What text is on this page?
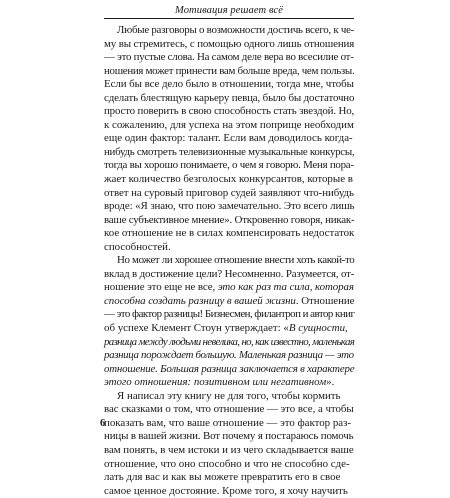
Мотивация решает всё

Любые разговоры о возможности достичь всего, к че-
му вы стремитесь, с помощью одного лишь отношения
— это пустые слова. На самом деле вера во всесилие от-
ношения может принести вам больше вреда, чем пользы.
Если бы все дело было в отношении, тогда мне, чтобы
сделать блестящую карьеру певца, было бы достаточно
просто поверить в свою способность стать звездой. Но,
к сожалению, для успеха на этом поприще необходим
еще один фактор: талант. Если вам доводилось когда-
нибудь смотреть телевизионные музыкальные конкурсы,
тогда вы хорошо понимаете, о чем я говорю. Меня пора-
жает количество безголосых конкурсантов, которые в
ответ на суровый приговор судей заявляют что-нибудь
вроде: «Я знаю, что пою замечательно. Это всего лишь
ваше субъективное мнение». Откровенно говоря, никак-
кое отношение не в силах компенсировать недостаток
способностей.

Но может ли хорошее отношение внести хоть какой-то
вклад в достижение цели? Несомненно. Разумеется, от-
ношение это еще не все, это как раз та сила, которая
способна создать разницу в вашей жизни. Отношение
— это фактор разницы! Бизнесмен, филантроп и автор книг
об успехе Клемент Стоун утверждает: «В сущности,
разница между людьми невелика, но, как известно, маленькая
разница порождает большую. Маленькая разница — это
отношение. Большая разница заключается в характере
этого отношения: позитивном или негативном».

Я написал эту книгу не для того, чтобы кормить
вас сказками о том, что отношение — это все, а чтобы
показать вам, что ваше отношение — это фактор раз-
ницы в вашей жизни. Вот почему я постараюсь помочь
вам понять, в чем истоки и из чего складывается ваше
отношение, что оно способно и что не способно сде-
лать для вас и как вы можете превратить его в свое
самое ценное достояние. Кроме того, я хочу научить

6
